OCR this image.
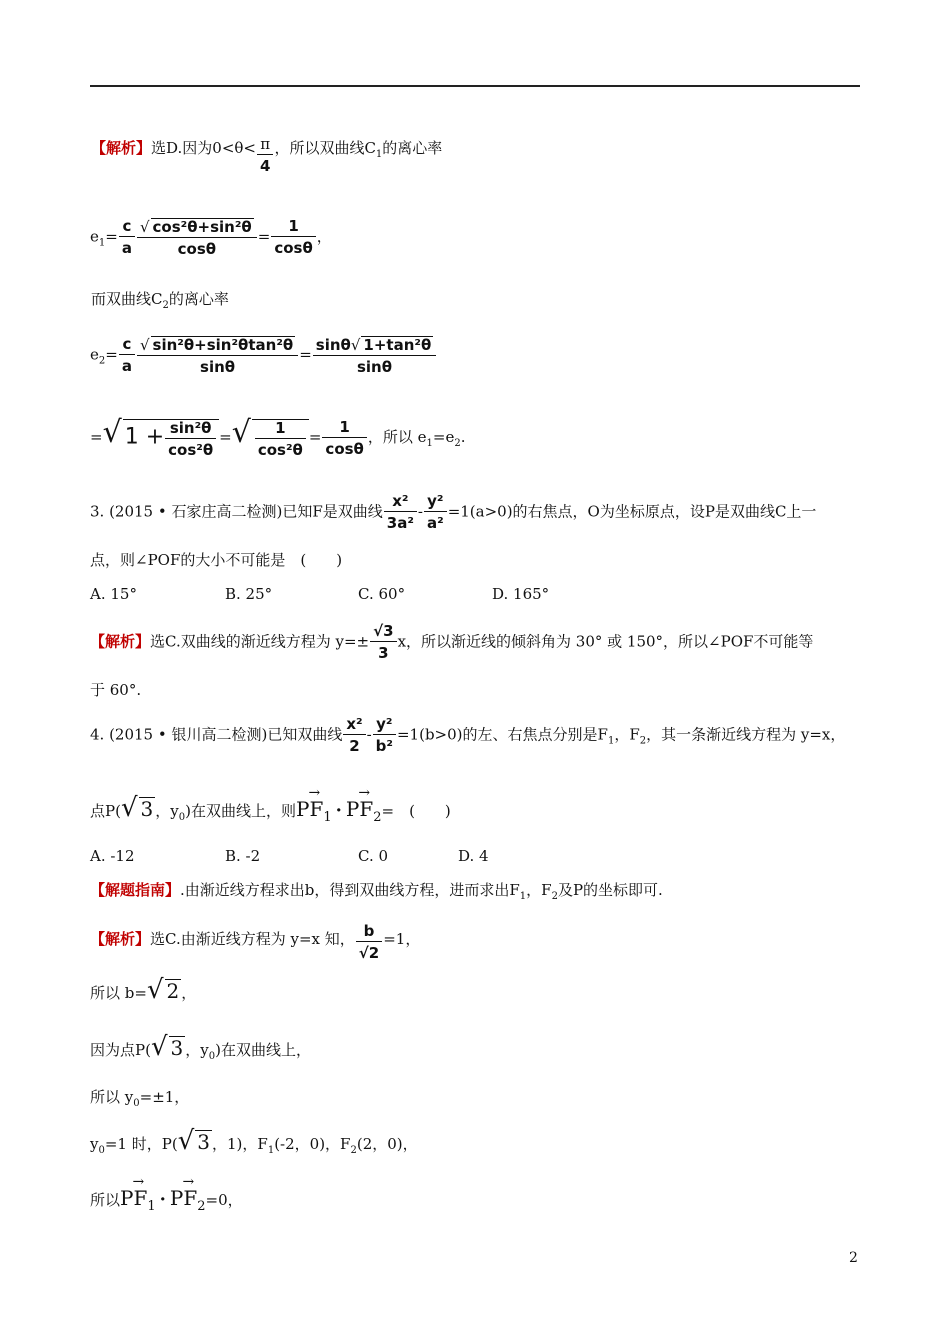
【解析】选D.因为$0<\theta< \frac{\pi}{4}$ ，所以双曲线$C_1$的离心率
$e_1= \frac{c}{a} \frac{\text{√ cos²θ+sin²θ}}{\cos\theta} = \frac{1}{\cos\theta}$ ，
而双曲线$C_2$的离心率
$e_2= \frac{c}{a} \frac{\text{√ sin²θ+sin²θtan²θ}}{\sin\theta} = \frac{\text{sinθ√ 1+tan²θ}}{\sin\theta}$
=√ $1 + \frac{\text{sin²θ}}{\text{cos²θ}}$ =√ $\frac{1}{\text{cos²θ}} = \frac{1}{\cos\theta}$ ，所以 $e_1=e_2$.
3. (2015 • 石家庄高二检测)已知F是双曲线 $\frac{\text{x²}}{\text{3a²}} - \frac{\text{y²}}{\text{a²}} =1(a>0)$的右焦点，O为坐标原点，设P是双曲线C上一
点，则∠POF的大小不可能是　(　　)
A. 15°	B. 25°	C. 60°	D. 165°
【解析】选C.双曲线的渐近线方程为 $y=\pm \frac{√3}{3}$ x，所以渐近线的倾斜角为 30° 或 150°，所以∠POF不可能等
于 60°.
4. (2015 • 银川高二检测)已知双曲线 $\frac{\text{x²}}{2} - \frac{\text{y²}}{\text{b²}} =1(b>0)$的左、右焦点分别是$F_1$，$F_2$，其一条渐近线方程为 y=x，
点P(√ 3 ，$y_0$)在双曲线上，则→ $PF_1 \cdot\to PF_2=$　(　　)
A. -12	B. -2	C. 0	D. 4
【解题指南】.由渐近线方程求出b，得到双曲线方程，进而求出$F_1$，$F_2$及P的坐标即可.
【解析】选C.由渐近线方程为 y=x 知， $\frac{b}{√2} =1$，
所以 b=√ 2 ，
因为点P(√ 3 ，$y_0$)在双曲线上，
所以 $y_0=\pm 1$，
$y_0=1$ 时，P(√ 3 ，1)，$F_1(-2$，0)，$F_2(2$，0)，
所以→ $PF_1 \cdot\to PF_2=0$，
2
